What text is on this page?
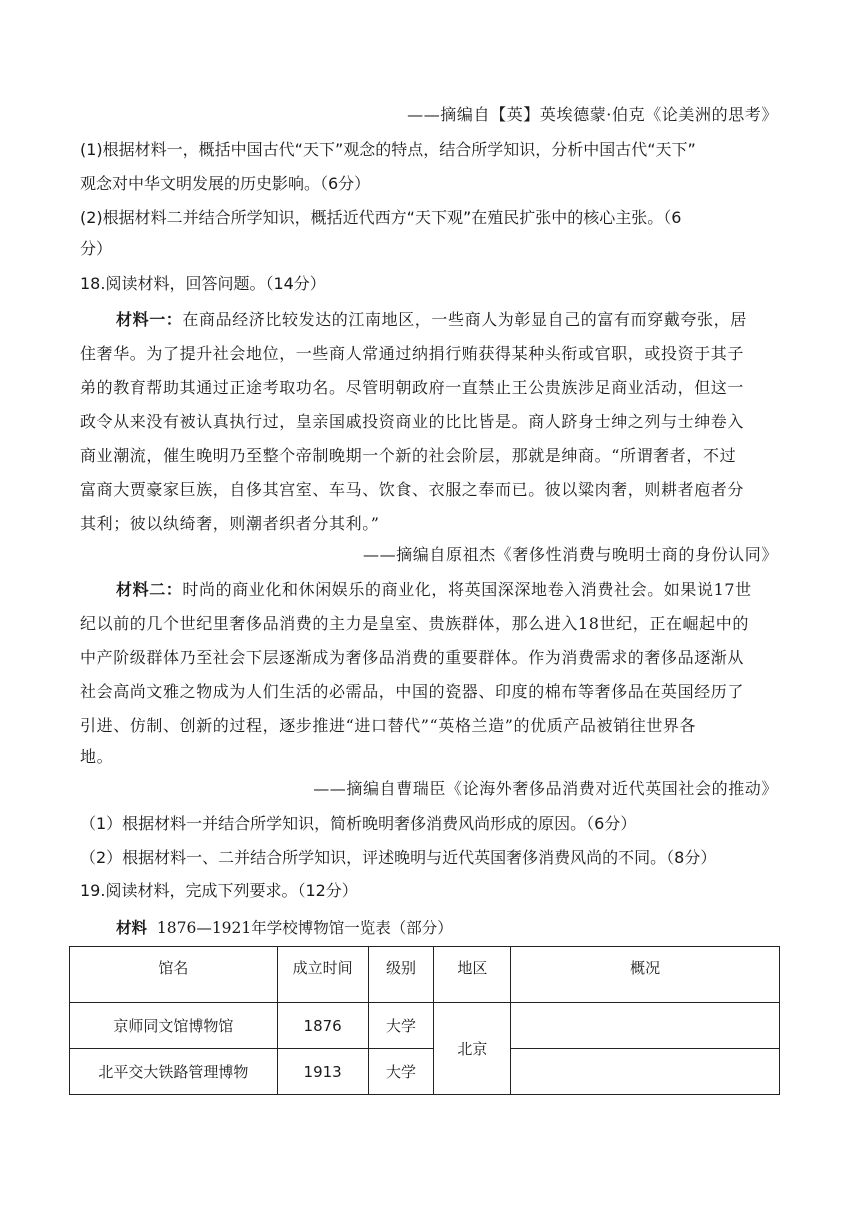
——摘编自【英】英埃德蒙·伯克《论美洲的思考》
(1)根据材料一，概括中国古代“天下”观念的特点，结合所学知识，分析中国古代“天下”
观念对中华文明发展的历史影响。（6分）
(2)根据材料二并结合所学知识，概括近代西方“天下观”在殖民扩张中的核心主张。（6
分）
18.阅读材料，回答问题。（14分）
材料一：在商品经济比较发达的江南地区，一些商人为彰显自己的富有而穿戴夸张，居
住奢华。为了提升社会地位，一些商人常通过纳捐行贿获得某种头衔或官职，或投资于其子
弟的教育帮助其通过正途考取功名。尽管明朝政府一直禁止王公贵族涉足商业活动，但这一
政令从来没有被认真执行过，皇亲国戚投资商业的比比皆是。商人跻身士绅之列与士绅卷入
商业潮流，催生晚明乃至整个帝制晚期一个新的社会阶层，那就是绅商。“所谓奢者，不过
富商大贾豪家巨族，自侈其宫室、车马、饮食、衣服之奉而已。彼以粱肉奢，则耕者庖者分
其利；彼以纨绮奢，则潮者织者分其利。”
——摘编自原祖杰《奢侈性消费与晚明士商的身份认同》
材料二：时尚的商业化和休闲娱乐的商业化，将英国深深地卷入消费社会。如果说17世
纪以前的几个世纪里奢侈品消费的主力是皇室、贵族群体，那么进入18世纪，正在崛起中的
中产阶级群体乃至社会下层逐渐成为奢侈品消费的重要群体。作为消费需求的奢侈品逐渐从
社会高尚文雅之物成为人们生活的必需品，中国的瓷器、印度的棉布等奢侈品在英国经历了
引进、仿制、创新的过程，逐步推进“进口替代”“英格兰造”的优质产品被销往世界各
地。
——摘编自曹瑞臣《论海外奢侈品消费对近代英国社会的推动》
（1）根据材料一并结合所学知识，简析晚明奢侈消费风尚形成的原因。（6分）
（2）根据材料一、二并结合所学知识，评述晚明与近代英国奢侈消费风尚的不同。（8分）
19.阅读材料，完成下列要求。（12分）
材料 1876—1921年学校博物馆一览表（部分）
馆名	成立时间	级别	地区	概况
京师同文馆博物馆	1876	大学	北京	
北平交大铁路管理博物	1913	大学		
